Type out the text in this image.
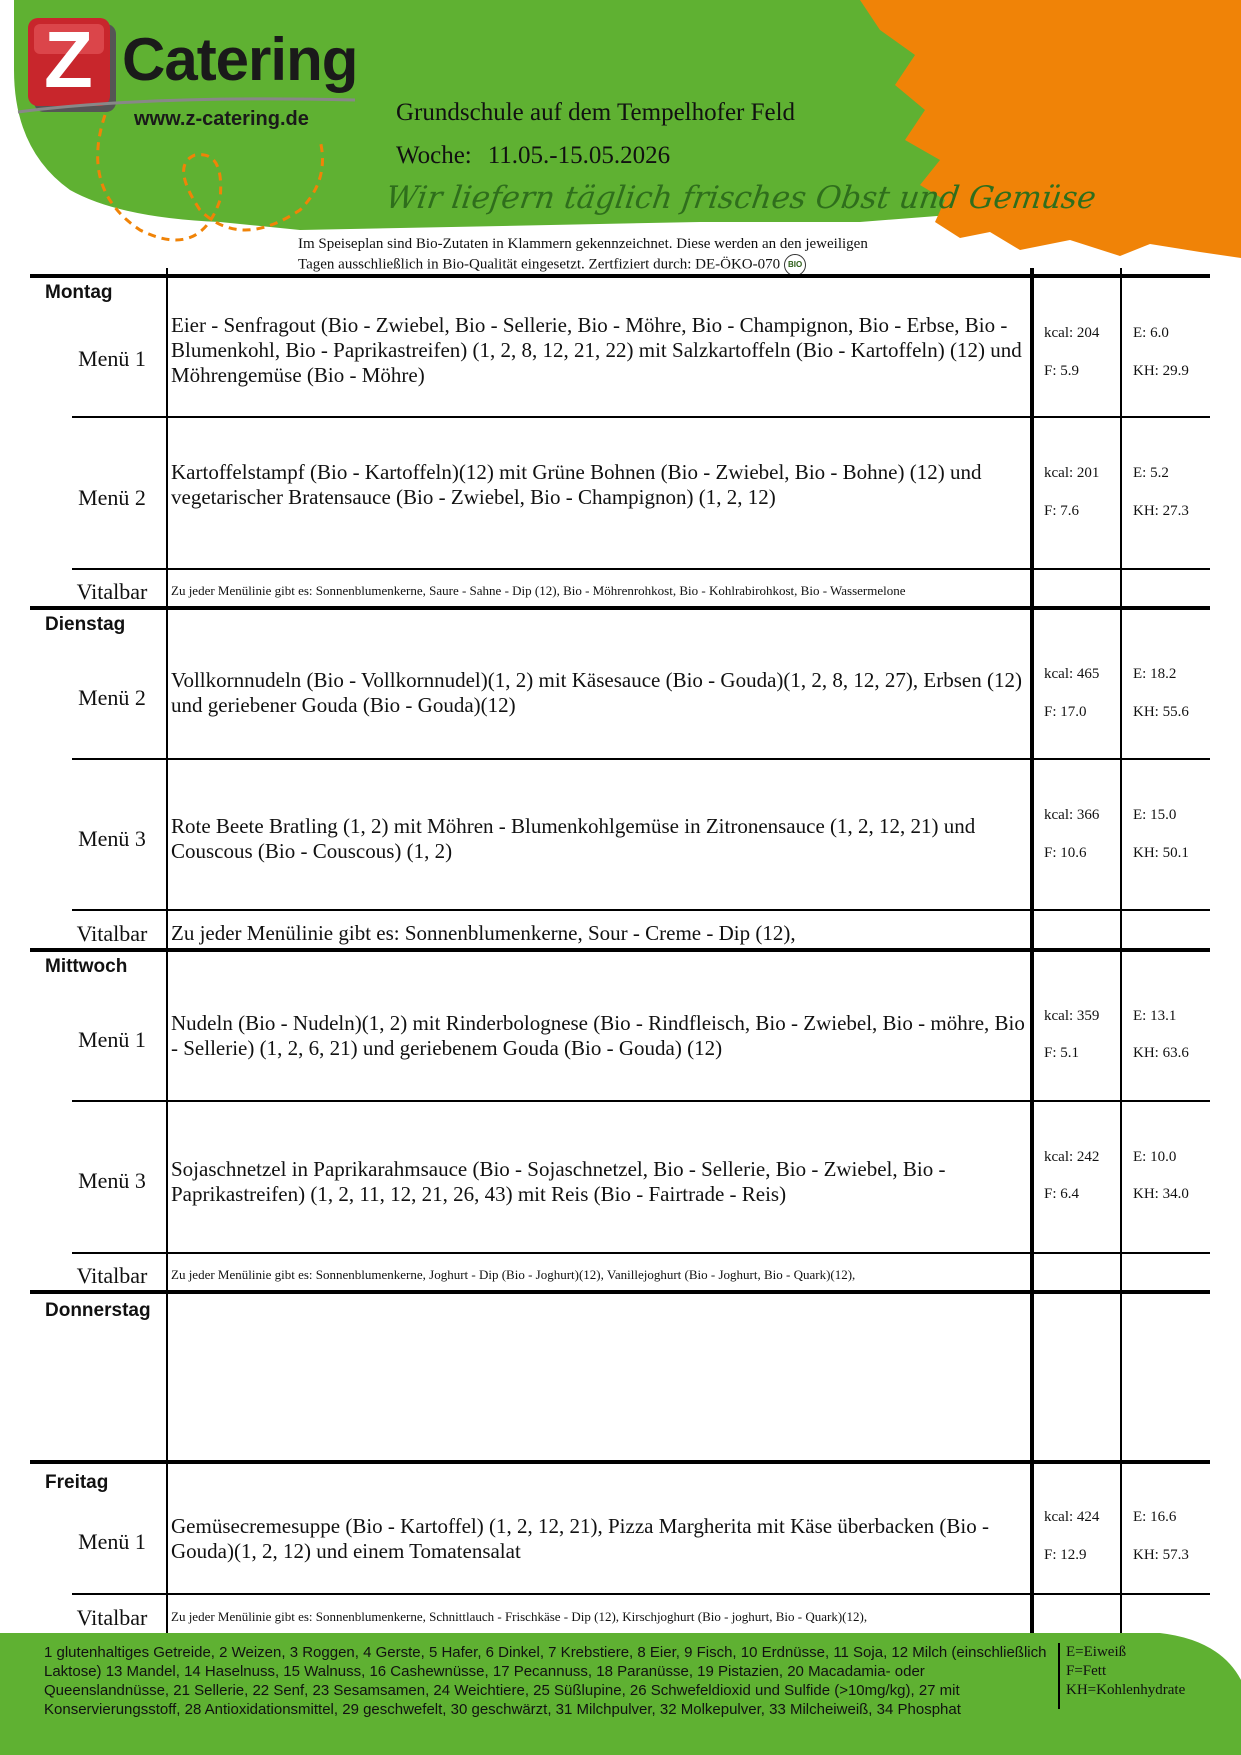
Z Catering
www.z-catering.de	Grundschule auf dem Tempelhofer Feld
Woche: 11.05.-15.05.2026
Wir liefern täglich frisches Obst und Gemüse
Im Speiseplan sind Bio-Zutaten in Klammern gekennzeichnet. Diese werden an den jeweiligen
Tagen ausschließlich in Bio-Qualität eingesetzt. Zertfiziert durch: DE-ÖKO-070 BIO
Montag
Menü 1
Eier - Senfragout (Bio - Zwiebel, Bio - Sellerie, Bio - Möhre, Bio - Champignon, Bio - Erbse, Bio - Blumenkohl, Bio - Paprikastreifen) (1, 2, 8, 12, 21, 22) mit Salzkartoffeln (Bio - Kartoffeln) (12) und Möhrengemüse (Bio - Möhre)
kcal: 204
F: 5.9
E: 6.0
KH: 29.9
Menü 2
Kartoffelstampf (Bio - Kartoffeln)(12) mit Grüne Bohnen (Bio - Zwiebel, Bio - Bohne) (12) und vegetarischer Bratensauce (Bio - Zwiebel, Bio - Champignon) (1, 2, 12)
kcal: 201
F: 7.6
E: 5.2
KH: 27.3
Vitalbar	Zu jeder Menülinie gibt es: Sonnenblumenkerne, Saure - Sahne - Dip (12), Bio - Möhrenrohkost, Bio - Kohlrabirohkost, Bio - Wassermelone
Dienstag
Menü 2
Vollkornnudeln (Bio - Vollkornnudel)(1, 2) mit Käsesauce (Bio - Gouda)(1, 2, 8, 12, 27), Erbsen (12) und geriebener Gouda (Bio - Gouda)(12)
kcal: 465
F: 17.0
E: 18.2
KH: 55.6
Menü 3 Rote Beete Bratling (1, 2) mit Möhren - Blumenkohlgemüse in Zitronensauce (1, 2, 12, 21) und Couscous (Bio - Couscous) (1, 2)
kcal: 366
F: 10.6
E: 15.0
KH: 50.1
Vitalbar Zu jeder Menülinie gibt es: Sonnenblumenkerne, Sour - Creme - Dip (12),
Mittwoch
Menü 1
Nudeln (Bio - Nudeln)(1, 2) mit Rinderbolognese (Bio - Rindfleisch, Bio - Zwiebel, Bio - möhre, Bio - Sellerie) (1, 2, 6, 21) und geriebenem Gouda (Bio - Gouda) (12)
kcal: 359
F: 5.1
E: 13.1
KH: 63.6
Menü 3 Sojaschnetzel in Paprikarahmsauce (Bio - Sojaschnetzel, Bio - Sellerie, Bio - Zwiebel, Bio - Paprikastreifen) (1, 2, 11, 12, 21, 26, 43) mit Reis (Bio - Fairtrade - Reis)
kcal: 242
F: 6.4
E: 10.0
KH: 34.0
Vitalbar	Zu jeder Menülinie gibt es: Sonnenblumenkerne, Joghurt - Dip (Bio - Joghurt)(12), Vanillejoghurt (Bio - Joghurt, Bio - Quark)(12),
Donnerstag
Freitag
Menü 1
Gemüsecremesuppe (Bio - Kartoffel) (1, 2, 12, 21), Pizza Margherita mit Käse überbacken (Bio - Gouda)(1, 2, 12) und einem Tomatensalat
kcal: 424
F: 12.9
E: 16.6
KH: 57.3
Vitalbar	Zu jeder Menülinie gibt es: Sonnenblumenkerne, Schnittlauch - Frischkäse - Dip (12), Kirschjoghurt (Bio - joghurt, Bio - Quark)(12),
1 glutenhaltiges Getreide, 2 Weizen, 3 Roggen, 4 Gerste, 5 Hafer, 6 Dinkel, 7 Krebstiere, 8 Eier, 9 Fisch, 10 Erdnüsse, 11 Soja, 12 Milch (einschließlich Laktose) 13 Mandel, 14 Haselnuss, 15 Walnuss, 16 Cashewnüsse, 17 Pecannuss, 18 Paranüsse, 19 Pistazien, 20 Macadamia- oder Queenslandnüsse, 21 Sellerie, 22 Senf, 23 Sesamsamen, 24 Weichtiere, 25 Süßlupine, 26 Schwefeldioxid und Sulfide (>10mg/kg), 27 mit Konservierungsstoff, 28 Antioxidationsmittel, 29 geschwefelt, 30 geschwärzt, 31 Milchpulver, 32 Molkepulver, 33 Milcheiweiß, 34 Phosphat
E=Eiweiß
F=Fett
KH=Kohlenhydrate
